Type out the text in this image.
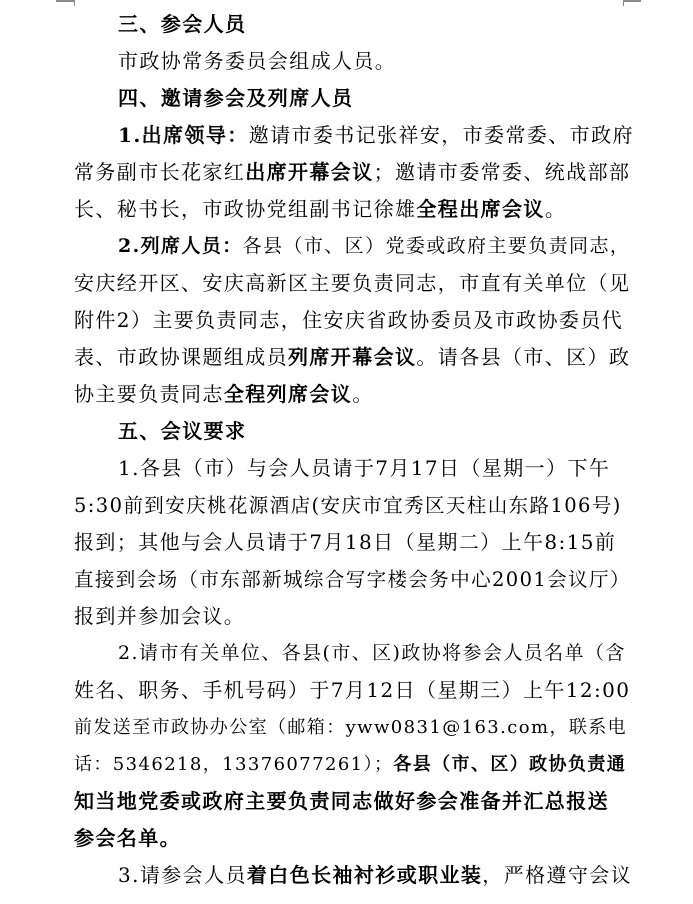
三、参会人员
市政协常务委员会组成人员。
四、邀请参会及列席人员
1.出席领导：邀请市委书记张祥安，市委常委、市政府
常务副市长花家红出席开幕会议；邀请市委常委、统战部部
长、秘书长，市政协党组副书记徐雄全程出席会议。
2.列席人员：各县（市、区）党委或政府主要负责同志，
安庆经开区、安庆高新区主要负责同志，市直有关单位（见
附件2）主要负责同志，住安庆省政协委员及市政协委员代
表、市政协课题组成员列席开幕会议。请各县（市、区）政
协主要负责同志全程列席会议。
五、会议要求
1.各县（市）与会人员请于7月17日（星期一）下午
5:30前到安庆桃花源酒店(安庆市宜秀区天柱山东路106号)
报到；其他与会人员请于7月18日（星期二）上午8:15前
直接到会场（市东部新城综合写字楼会务中心2001会议厅）
报到并参加会议。
2.请市有关单位、各县(市、区)政协将参会人员名单（含
姓名、职务、手机号码）于7月12日（星期三）上午12:00
前发送至市政协办公室（邮箱：yww0831@163.com，联系电
话：5346218，13376077261）；各县（市、区）政协负责通
知当地党委或政府主要负责同志做好参会准备并汇总报送
参会名单。
3.请参会人员着白色长袖衬衫或职业装，严格遵守会议
